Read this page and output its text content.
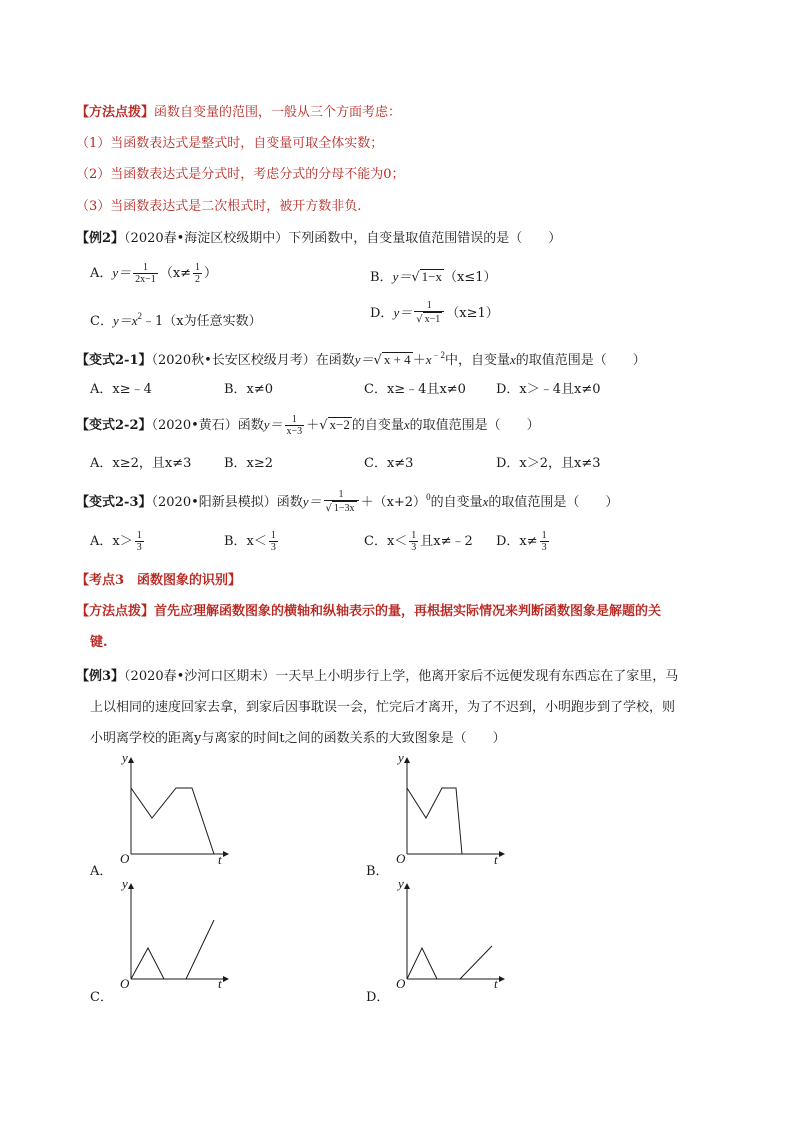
【方法点拨】函数自变量的范围，一般从三个方面考虑：
（1）当函数表达式是整式时，自变量可取全体实数；
（2）当函数表达式是分式时，考虑分式的分母不能为0；
（3）当函数表达式是二次根式时，被开方数非负.
【例2】（2020春•海淀区校级期中）下列函数中，自变量取值范围错误的是（　　）
A．$y= \frac{1}{2x-1} (x\ne \frac{1}{2}$ ）	B．y＝√ 1−x （x≤1）
C．$y=x^2﹣1(x$为任意实数）
D．$y= \frac{1}{√ x-1} (x\ge 1)$
【变式2-1】（2020秋•长安区校级月考）在函数y＝√ $x + 4 +x^{﹣2}$中，自变量x的取值范围是（　　）
A．x≥﹣4	B．x≠0	C．x≥﹣4且x≠0 D．x＞﹣4且x≠0
【变式2-2】（2020•黄石）函数$y= \frac{1}{x-3}$ ＋√ x−2 的自变量x的取值范围是（　　）
A．x≥2，且x≠3	B．x≥2	C．x≠3	D．x＞2，且x≠3
【变式2-3】（2020•阳新县模拟）函数$y= \frac{1}{√ 1-3x} +(x+2)^0$的自变量x的取值范围是（　　）
A．$x> \frac{1}{3}$	B．$x< \frac{1}{3}$	C．$x< \frac{1}{3}$ 且x≠﹣2 D．$x\ne \frac{1}{3}$
【考点3　函数图象的识别】
【方法点拨】首先应理解函数图象的横轴和纵轴表示的量，再根据实际情况来判断函数图象是解题的关
键.
【例3】（2020春•沙河口区期末）一天早上小明步行上学，他离开家后不远便发现有东西忘在了家里，马
上以相同的速度回家去拿，到家后因事耽误一会，忙完后才离开，为了不迟到，小明跑步到了学校，则
小明离学校的距离y与离家的时间t之间的函数关系的大致图象是（　　）
y
t
O
A．
y
t
O
B．
y
t
O
C．
y
t
O
D．
